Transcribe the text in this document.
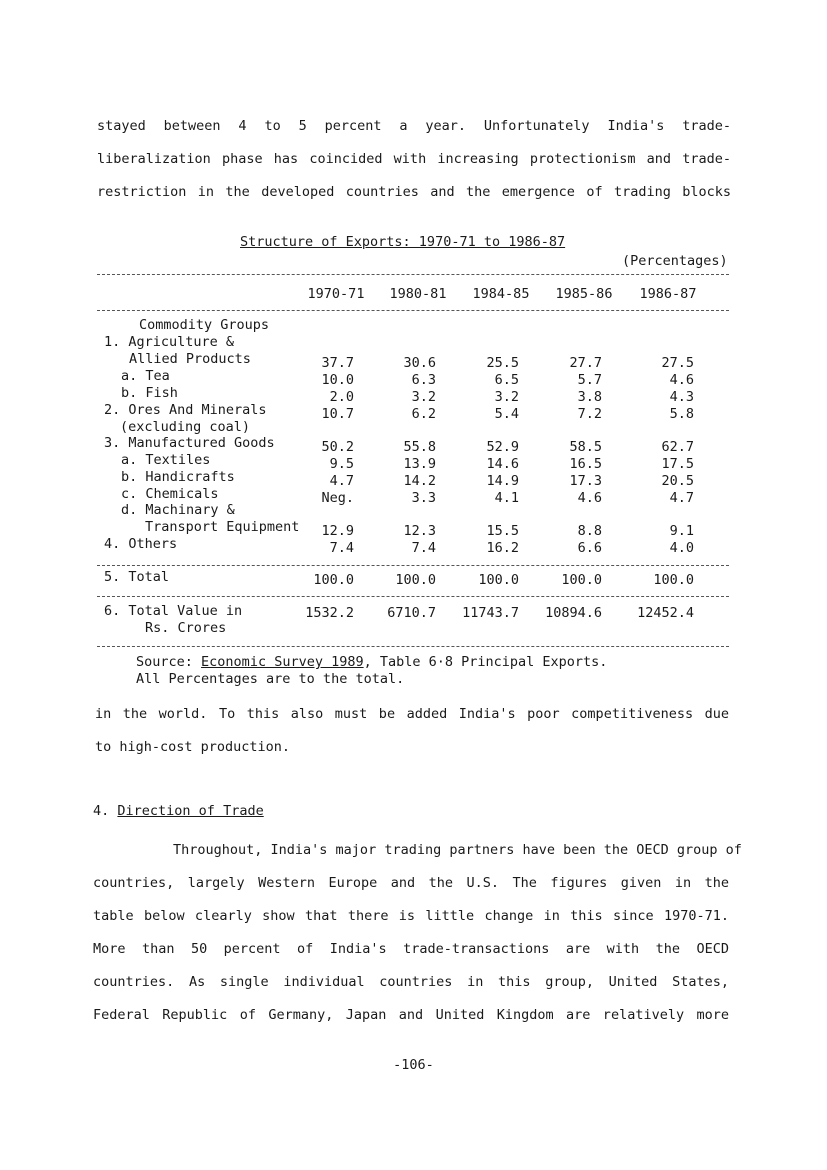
stayed between 4 to 5 percent a year. Unfortunately India's trade-
liberalization phase has coincided with increasing protectionism and trade-
restriction in the developed countries and the emergence of trading blocks
Structure of Exports: 1970-71 to 1986-87
(Percentages)
1970-71	1980-81	1984-85	1985-86	1986-87
Commodity Groups
1. Agriculture &
Allied Products	37.7	30.6	25.5	27.7	27.5
a. Tea	10.0	6.3	6.5	5.7	4.6
b. Fish	2.0	3.2	3.2	3.8	4.3
2. Ores And Minerals	10.7	6.2	5.4	7.2	5.8
(excluding coal)
3. Manufactured Goods	50.2	55.8	52.9	58.5	62.7
a. Textiles	9.5	13.9	14.6	16.5	17.5
b. Handicrafts	4.7	14.2	14.9	17.3	20.5
c. Chemicals	Neg.	3.3	4.1	4.6	4.7
d. Machinary &
Transport Equipment	12.9	12.3	15.5	8.8	9.1
4. Others	7.4	7.4	16.2	6.6	4.0
5. Total	100.0	100.0	100.0	100.0	100.0
6. Total Value in
Rs. Crores
1532.2	6710.7 11743.7 10894.6	12452.4
Source: Economic Survey 1989, Table 6·8 Principal Exports.
All Percentages are to the total.
in the world. To this also must be added India's poor competitiveness due
to high-cost production.
4. Direction of Trade
Throughout, India's major trading partners have been the OECD group of
countries, largely Western Europe and the U.S. The figures given in the
table below clearly show that there is little change in this since 1970-71.
More than 50 percent of India's trade-transactions are with the OECD
countries. As single individual countries in this group, United States,
Federal Republic of Germany, Japan and United Kingdom are relatively more
-106-
